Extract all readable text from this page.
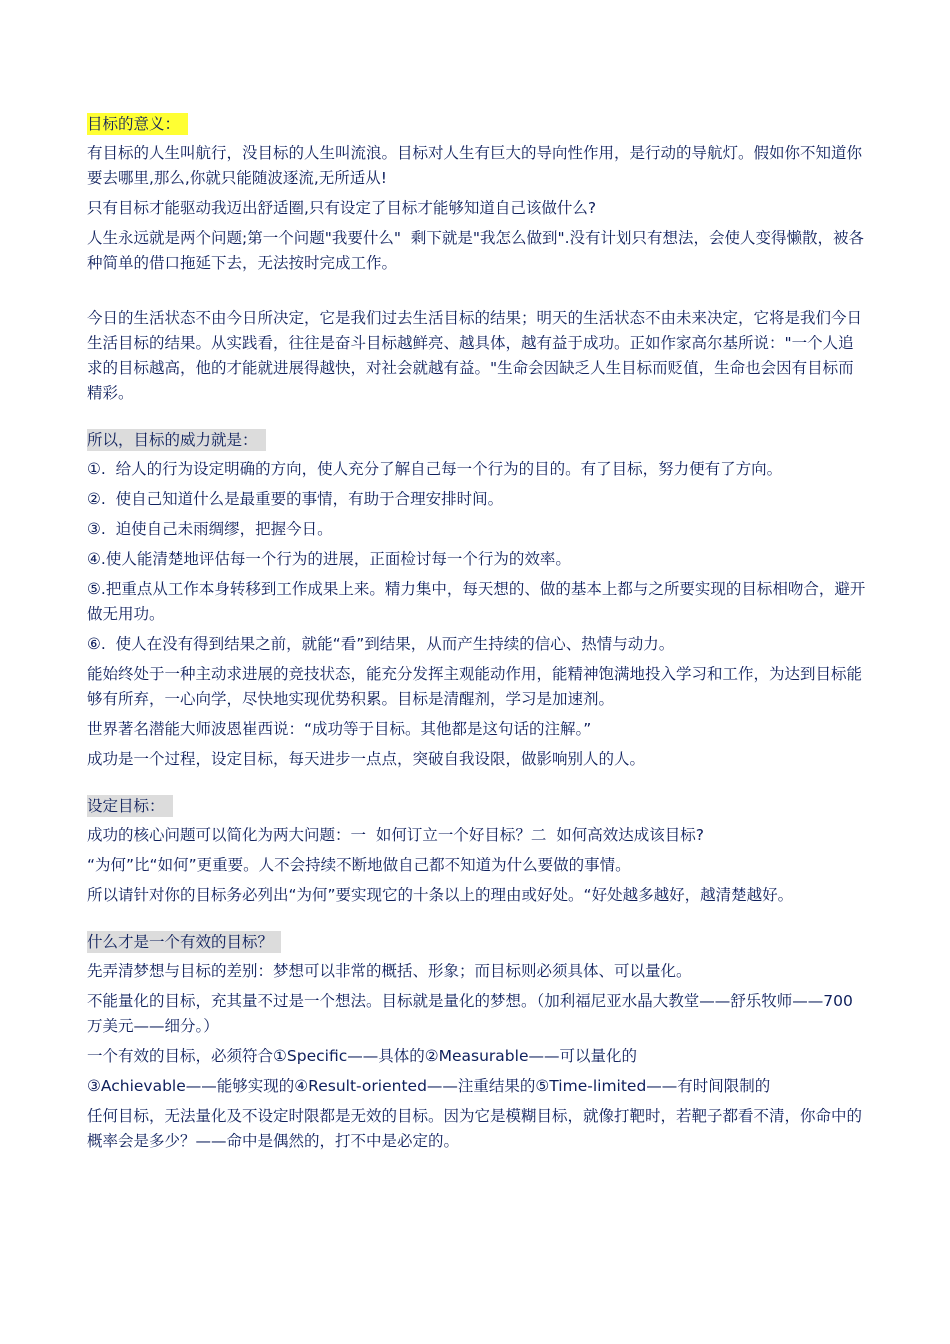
目标的意义：

有目标的人生叫航行，没目标的人生叫流浪。目标对人生有巨大的导向性作用，是行动的导航灯。假如你不知道你要去哪里,那么,你就只能随波逐流,无所适从!

只有目标才能驱动我迈出舒适圈,只有设定了目标才能够知道自己该做什么?

人生永远就是两个问题;第一个问题"我要什么"  剩下就是"我怎么做到".没有计划只有想法，会使人变得懒散，被各种简单的借口拖延下去，无法按时完成工作。

今日的生活状态不由今日所决定，它是我们过去生活目标的结果；明天的生活状态不由未来决定，它将是我们今日生活目标的结果。从实践看，往往是奋斗目标越鲜亮、越具体，越有益于成功。正如作家高尔基所说："一个人追求的目标越高，他的才能就进展得越快，对社会就越有益。"生命会因缺乏人生目标而贬值，生命也会因有目标而精彩。

所以，目标的威力就是：

①.  给人的行为设定明确的方向，使人充分了解自己每一个行为的目的。有了目标，努力便有了方向。

②.  使自己知道什么是最重要的事情，有助于合理安排时间。

③.  迫使自己未雨绸缪，把握今日。

④.使人能清楚地评估每一个行为的进展，正面检讨每一个行为的效率。

⑤.把重点从工作本身转移到工作成果上来。精力集中，每天想的、做的基本上都与之所要实现的目标相吻合，避开做无用功。

⑥.  使人在没有得到结果之前，就能“看”到结果，从而产生持续的信心、热情与动力。

能始终处于一种主动求进展的竞技状态，能充分发挥主观能动作用，能精神饱满地投入学习和工作，为达到目标能够有所弃，一心向学，尽快地实现优势积累。目标是清醒剂，学习是加速剂。

世界著名潜能大师波恩崔西说：“成功等于目标。其他都是这句话的注解。”

成功是一个过程，设定目标，每天进步一点点，突破自我设限，做影响别人的人。

设定目标：

成功的核心问题可以简化为两大问题：一  如何订立一个好目标？二  如何高效达成该目标?

“为何”比“如何”更重要。人不会持续不断地做自己都不知道为什么要做的事情。

所以请针对你的目标务必列出“为何”要实现它的十条以上的理由或好处。“好处越多越好，越清楚越好。

什么才是一个有效的目标？

先弄清梦想与目标的差别：梦想可以非常的概括、形象；而目标则必须具体、可以量化。

不能量化的目标，充其量不过是一个想法。目标就是量化的梦想。（加利福尼亚水晶大教堂——舒乐牧师——700万美元——细分。）

一个有效的目标，必须符合①Specific——具体的②Measurable——可以量化的

③Achievable——能够实现的④Result-oriented——注重结果的⑤Time-limited——有时间限制的

任何目标，无法量化及不设定时限都是无效的目标。因为它是模糊目标，就像打靶时，若靶子都看不清，你命中的概率会是多少？——命中是偶然的，打不中是必定的。
